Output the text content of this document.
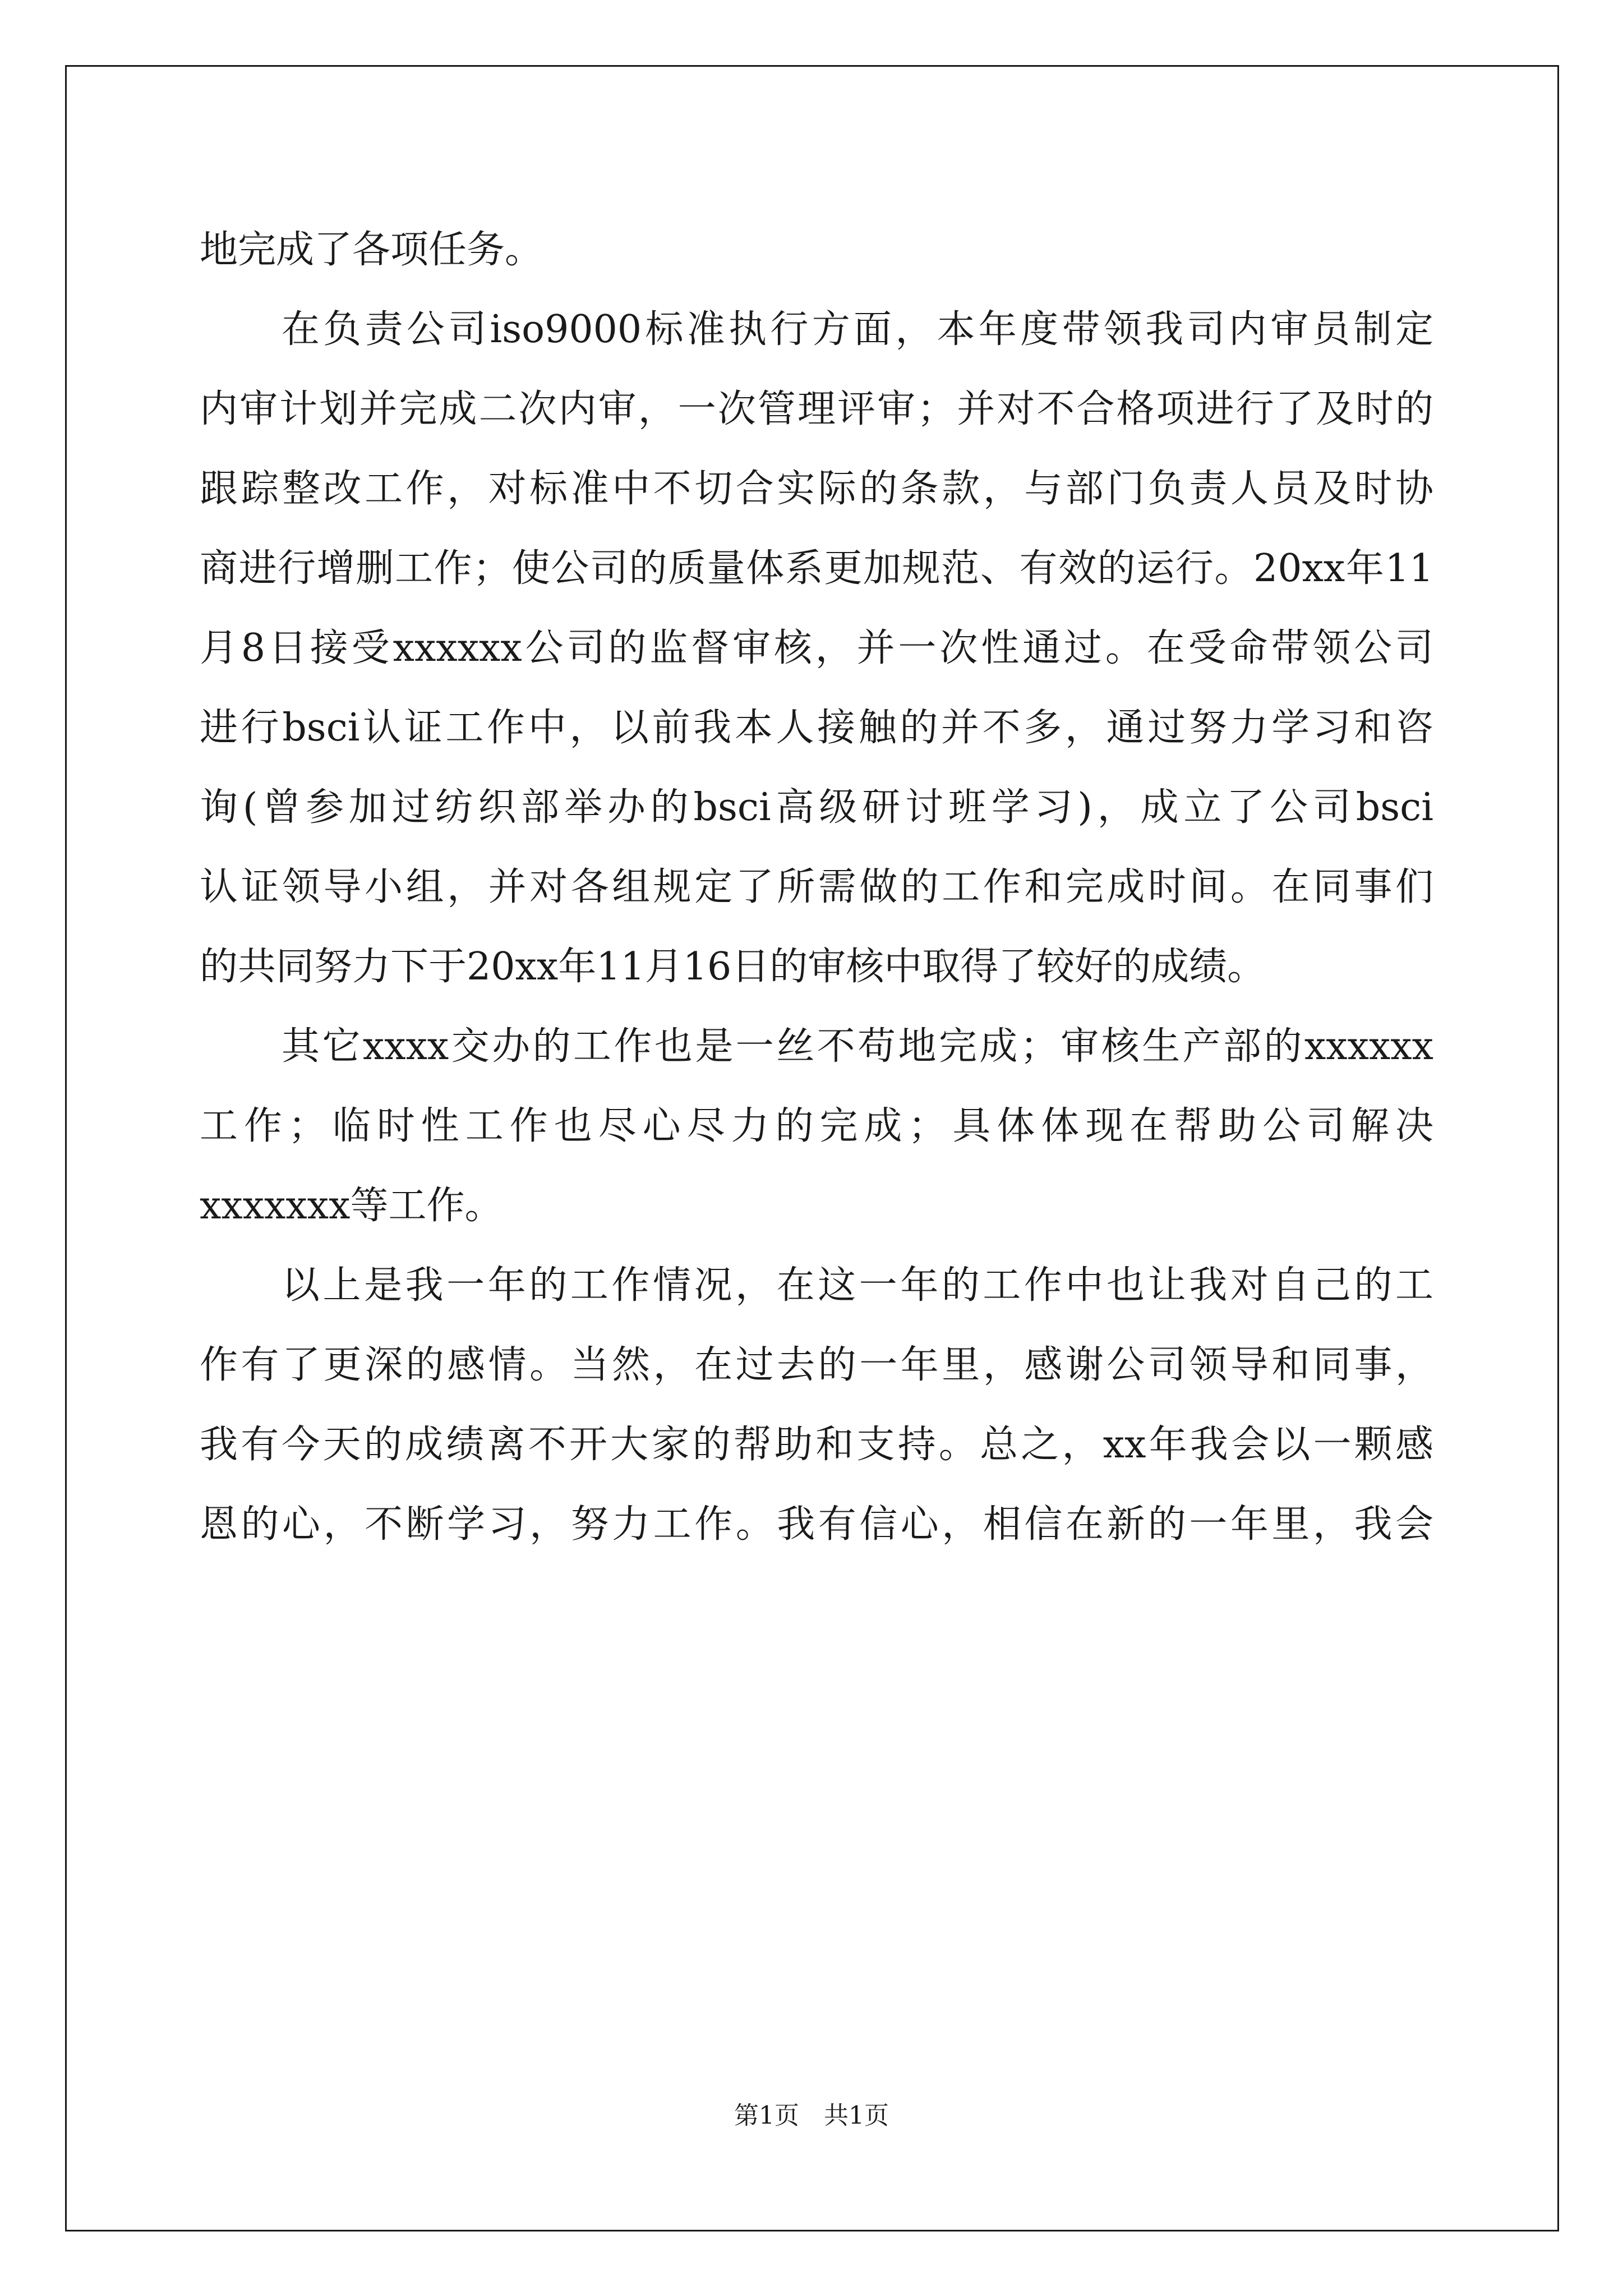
地完成了各项任务。
在负责公司iso9000标准执行方面，本年度带领我司内审员制定
内审计划并完成二次内审，一次管理评审；并对不合格项进行了及时的
跟踪整改工作，对标准中不切合实际的条款，与部门负责人员及时协
商进行增删工作；使公司的质量体系更加规范、有效的运行。20xx年11
月8日接受xxxxxx公司的监督审核，并一次性通过。在受命带领公司
进行bsci认证工作中，以前我本人接触的并不多，通过努力学习和咨
询(曾参加过纺织部举办的bsci高级研讨班学习)，成立了公司bsci
认证领导小组，并对各组规定了所需做的工作和完成时间。在同事们
的共同努力下于20xx年11月16日的审核中取得了较好的成绩。
其它xxxx交办的工作也是一丝不苟地完成；审核生产部的xxxxxx
工作；临时性工作也尽心尽力的完成；具体体现在帮助公司解决
xxxxxxx等工作。
以上是我一年的工作情况，在这一年的工作中也让我对自己的工
作有了更深的感情。当然，在过去的一年里，感谢公司领导和同事，
我有今天的成绩离不开大家的帮助和支持。总之，xx年我会以一颗感
恩的心，不断学习，努力工作。我有信心，相信在新的一年里，我会
第1页 共1页
